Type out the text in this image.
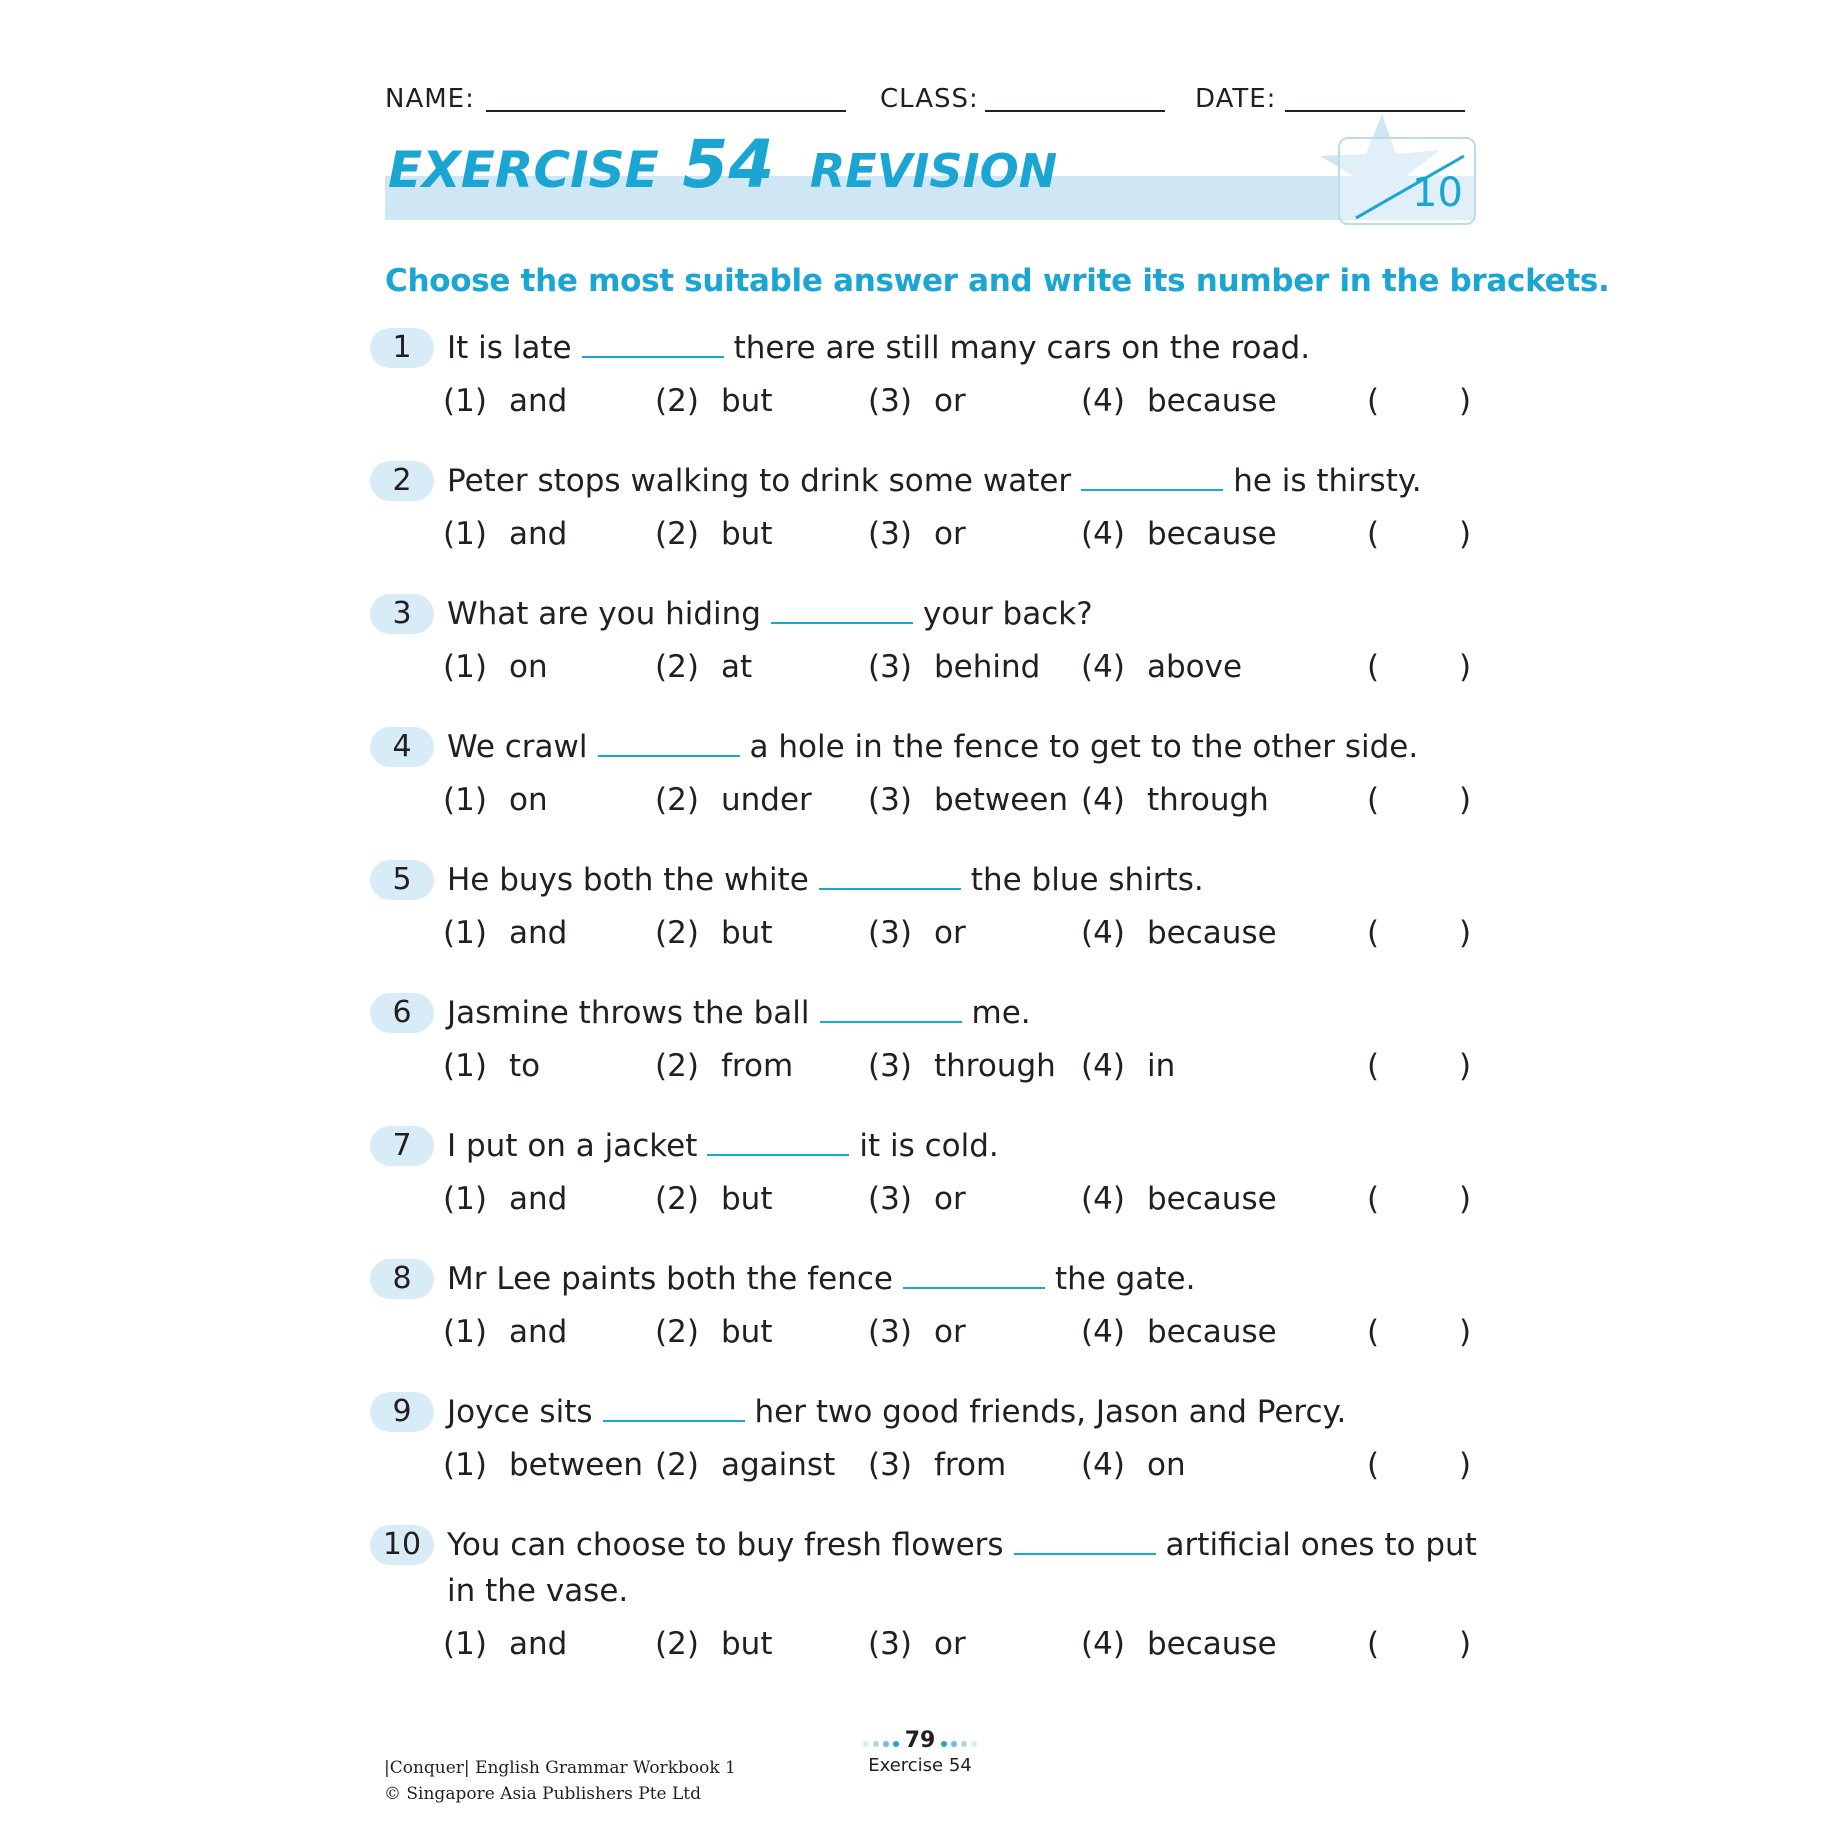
NAME:	CLASS:	DATE:
EXERCISE 54 REVISION	10
Choose the most suitable answer and write its number in the brackets.
1	It is late	there are still many cars on the road.
(1) and	(2) but	(3) or	(4) because	(	)
2	Peter stops walking to drink some water	he is thirsty.
(1) and	(2) but	(3) or	(4) because	(	)
3	What are you hiding	your back?
(1) on	(2) at	(3) behind (4) above	(	)
4	We crawl	a hole in the fence to get to the other side.
(1) on	(2) under (3) between (4) through	(	)
5	He buys both the white	the blue shirts.
(1) and	(2) but	(3) or	(4) because	(	)
6	Jasmine throws the ball	me.
(1) to	(2) from (3) through (4) in	(	)
7	I put on a jacket	it is cold.
(1) and	(2) but	(3) or	(4) because	(	)
8	Mr Lee paints both the fence	the gate.
(1) and	(2) but	(3) or	(4) because	(	)
9	Joyce sits	her two good friends, Jason and Percy.
(1) between (2) against (3) from (4) on	(	)
10 You can choose to buy fresh flowers	artificial ones to put
in the vase.
(1) and	(2) but	(3) or	(4) because	(	)
|Conquer| English Grammar Workbook 1
© Singapore Asia Publishers Pte Ltd
79
Exercise 54
